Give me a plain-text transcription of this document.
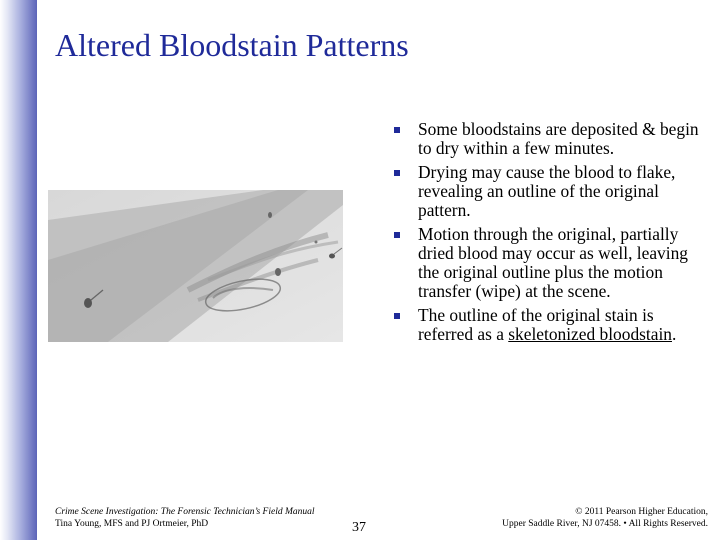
Altered Bloodstain Patterns
Some bloodstains are deposited & begin to dry within a few minutes.
Drying may cause the blood to flake, revealing an outline of the original pattern.
Motion through the original, partially dried blood may occur as well, leaving the original outline plus the motion transfer (wipe) at the scene.
The outline of the original stain is referred as a skeletonized bloodstain.
Crime Scene Investigation: The Forensic Technician’s Field Manual
Tina Young, MFS and PJ Ortmeier, PhD	37
© 2011 Pearson Higher Education,
Upper Saddle River, NJ 07458. • All Rights Reserved.
